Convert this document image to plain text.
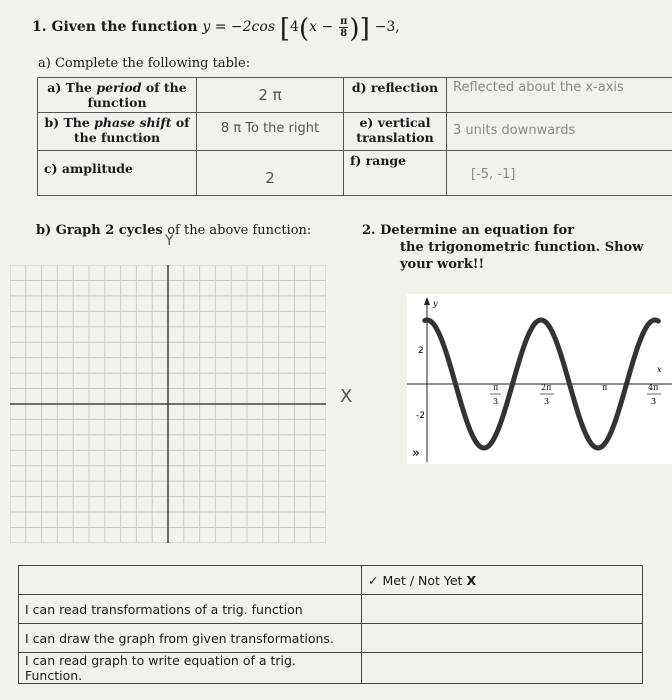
1. Given the function y = −2cos [$4(x - \frac{\pi}{8}$ )] −3,
a) Complete the following table:
a) The period of the function	2 π	d) reflection	Reflected about the x-axis
b) The phase shift of the function	8 π To the right	e) vertical translation	3 units downwards
c) amplitude	2	f) range	[-5, -1]
b) Graph 2 cycles of the above function:
Y
X
2. Determine an equation for
the trigonometric function. Show your work!!
y
x
2
-2
π
3
2π
3
π	4π
3
»
	✓ Met / Not Yet X
I can read transformations of a trig. function	
I can draw the graph from given transformations.	
I can read graph to write equation of a trig. Function.	
